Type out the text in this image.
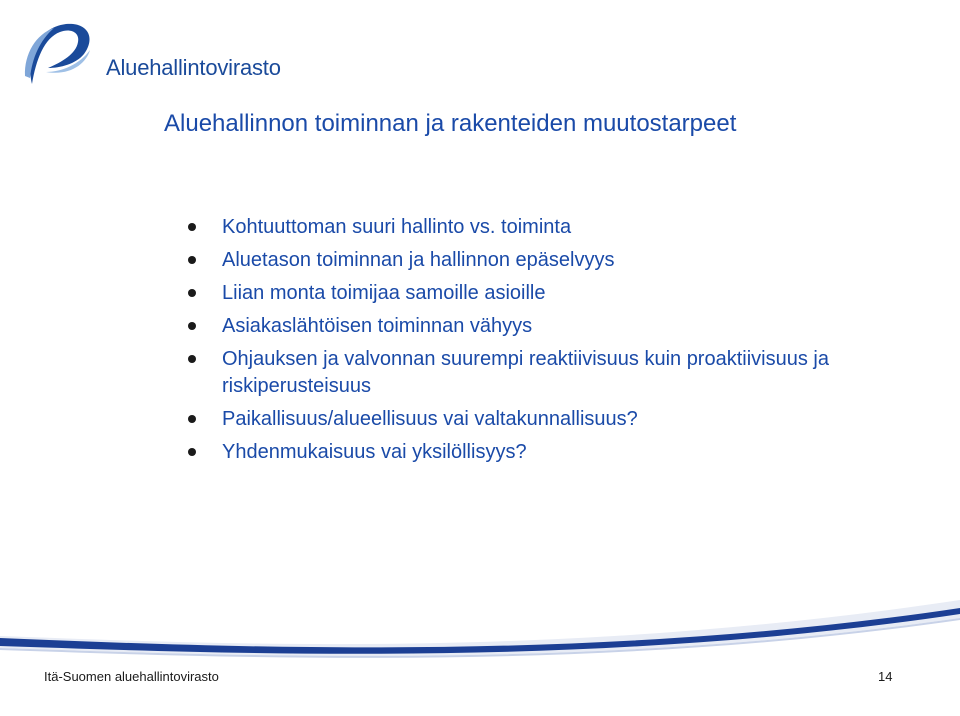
Aluehallintovirasto
Aluehallinnon toiminnan ja rakenteiden muutostarpeet
Kohtuuttoman suuri hallinto vs. toiminta
Aluetason toiminnan ja hallinnon epäselvyys
Liian monta toimijaa samoille asioille
Asiakaslähtöisen toiminnan vähyys
Ohjauksen ja valvonnan suurempi reaktiivisuus kuin proaktiivisuus ja riskiperusteisuus
Paikallisuus/alueellisuus vai valtakunnallisuus?
Yhdenmukaisuus vai yksilöllisyys?
Itä-Suomen aluehallintovirasto	14
